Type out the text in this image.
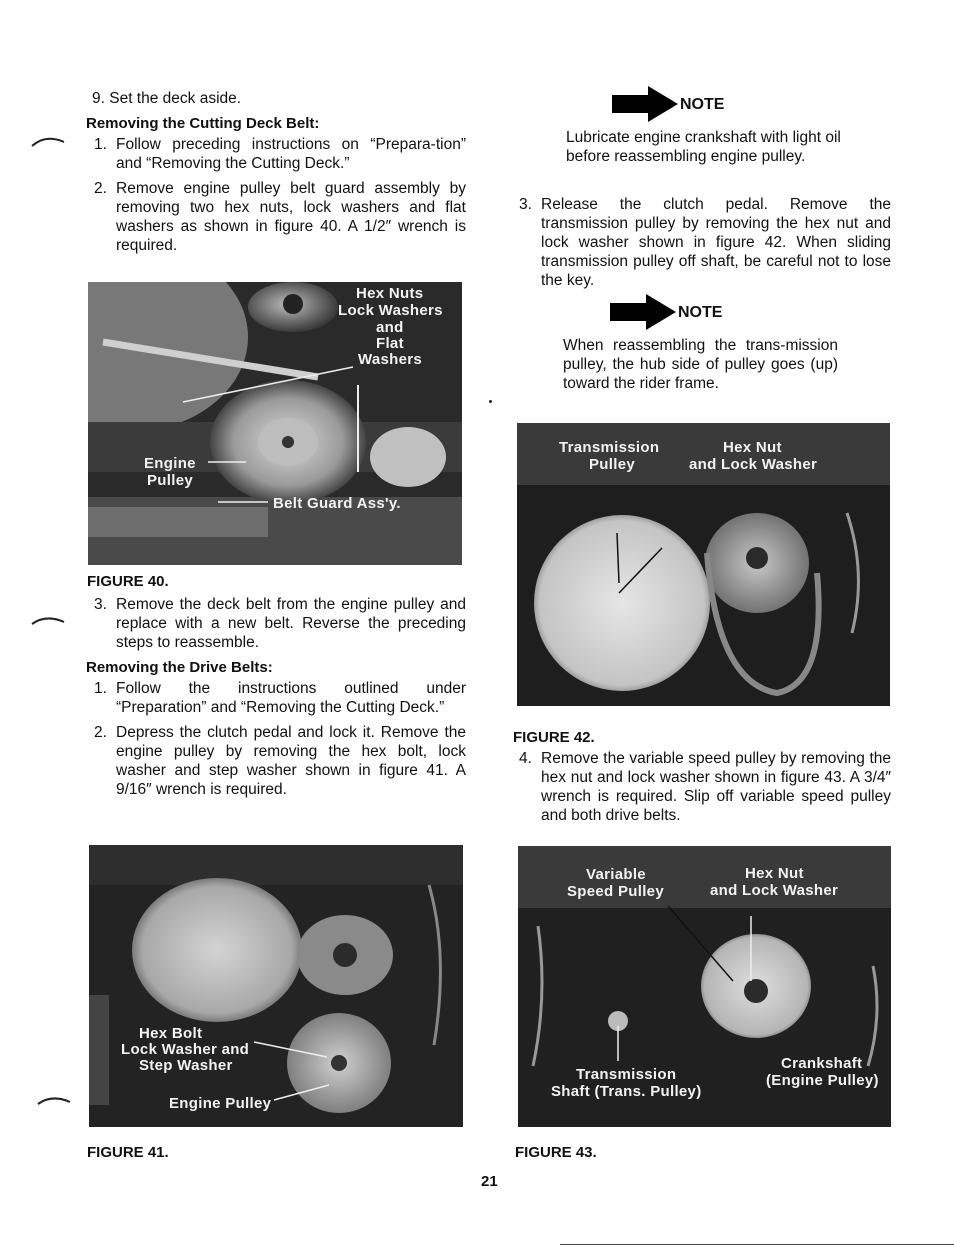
9. Set the deck aside.

Removing the Cutting Deck Belt:

1. Follow preceding instructions on “Prepara-tion” and “Removing the Cutting Deck.”

2. Remove engine pulley belt guard assembly by removing two hex nuts, lock washers and flat washers as shown in figure 40. A 1/2″ wrench is required.

Hex Nuts
Lock Washers
and
Flat
Washers
Engine
Pulley
Belt Guard Ass'y.

FIGURE 40.

3. Remove the deck belt from the engine pulley and replace with a new belt. Reverse the preceding steps to reassemble.

Removing the Drive Belts:

1. Follow the instructions outlined under “Preparation” and “Removing the Cutting Deck.”

2. Depress the clutch pedal and lock it. Remove the engine pulley by removing the hex bolt, lock washer and step washer shown in figure 41. A 9/16″ wrench is required.

Hex Bolt
Lock Washer and
Step Washer
Engine Pulley

FIGURE 41.

NOTE

Lubricate engine crankshaft with light oil before reassembling engine pulley.

3. Release the clutch pedal. Remove the transmission pulley by removing the hex nut and lock washer shown in figure 42. When sliding transmission pulley off shaft, be careful not to lose the key.

NOTE

When reassembling the trans-mission pulley, the hub side of pulley goes (up) toward the rider frame.

Transmission
Pulley
Hex Nut
and Lock Washer

FIGURE 42.

4. Remove the variable speed pulley by removing the hex nut and lock washer shown in figure 43. A 3/4″ wrench is required. Slip off variable speed pulley and both drive belts.

Variable
Speed Pulley
Hex Nut
and Lock Washer
Transmission
Shaft (Trans. Pulley)
Crankshaft
(Engine Pulley)

FIGURE 43.

21
